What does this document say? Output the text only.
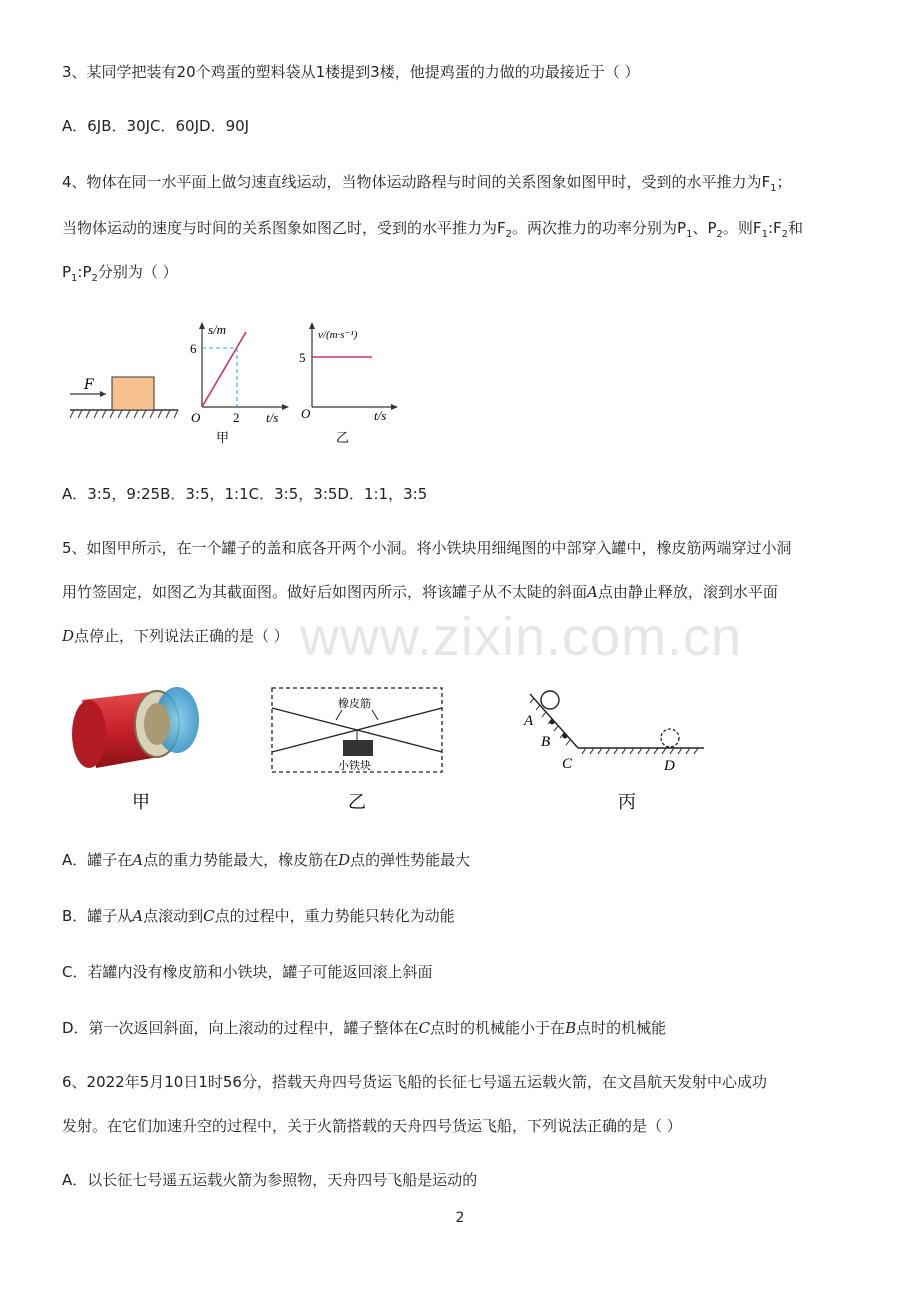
www.zixin.com.cn
3、某同学把装有20个鸡蛋的塑料袋从1楼提到3楼，他提鸡蛋的力做的功最接近于（ ）
A．6JB．30JC．60JD．90J
4、物体在同一水平面上做匀速直线运动，当物体运动路程与时间的关系图象如图甲时，受到的水平推力为$F_1$；
当物体运动的速度与时间的关系图象如图乙时，受到的水平推力为$F_2$。两次推力的功率分别为$P_1$、$P_2$。则$F_1:F_2$和
$P_1:P_2$分别为（ ）
F
s/m
6
O	2 t/s
甲
v/(m·s⁻¹)
5
O	t/s
乙
A．3:5，9:25B．3:5，1:1C．3:5，3:5D．1:1，3:5
5、如图甲所示，在一个罐子的盖和底各开两个小洞。将小铁块用细绳图的中部穿入罐中，橡皮筋两端穿过小洞
用竹签固定，如图乙为其截面图。做好后如图丙所示，将该罐子从不太陡的斜面A点由静止释放，滚到水平面
D点停止，下列说法正确的是（ ）
甲
橡皮筋
小铁块
乙
A
B
C	D
丙
A．罐子在A点的重力势能最大，橡皮筋在D点的弹性势能最大
B．罐子从A点滚动到C点的过程中，重力势能只转化为动能
C．若罐内没有橡皮筋和小铁块，罐子可能返回滚上斜面
D．第一次返回斜面，向上滚动的过程中，罐子整体在C点时的机械能小于在B点时的机械能
6、2022年5月10日1时56分，搭载天舟四号货运飞船的长征七号遥五运载火箭，在文昌航天发射中心成功
发射。在它们加速升空的过程中，关于火箭搭载的天舟四号货运飞船，下列说法正确的是（ ）
A．以长征七号遥五运载火箭为参照物，天舟四号飞船是运动的
2
